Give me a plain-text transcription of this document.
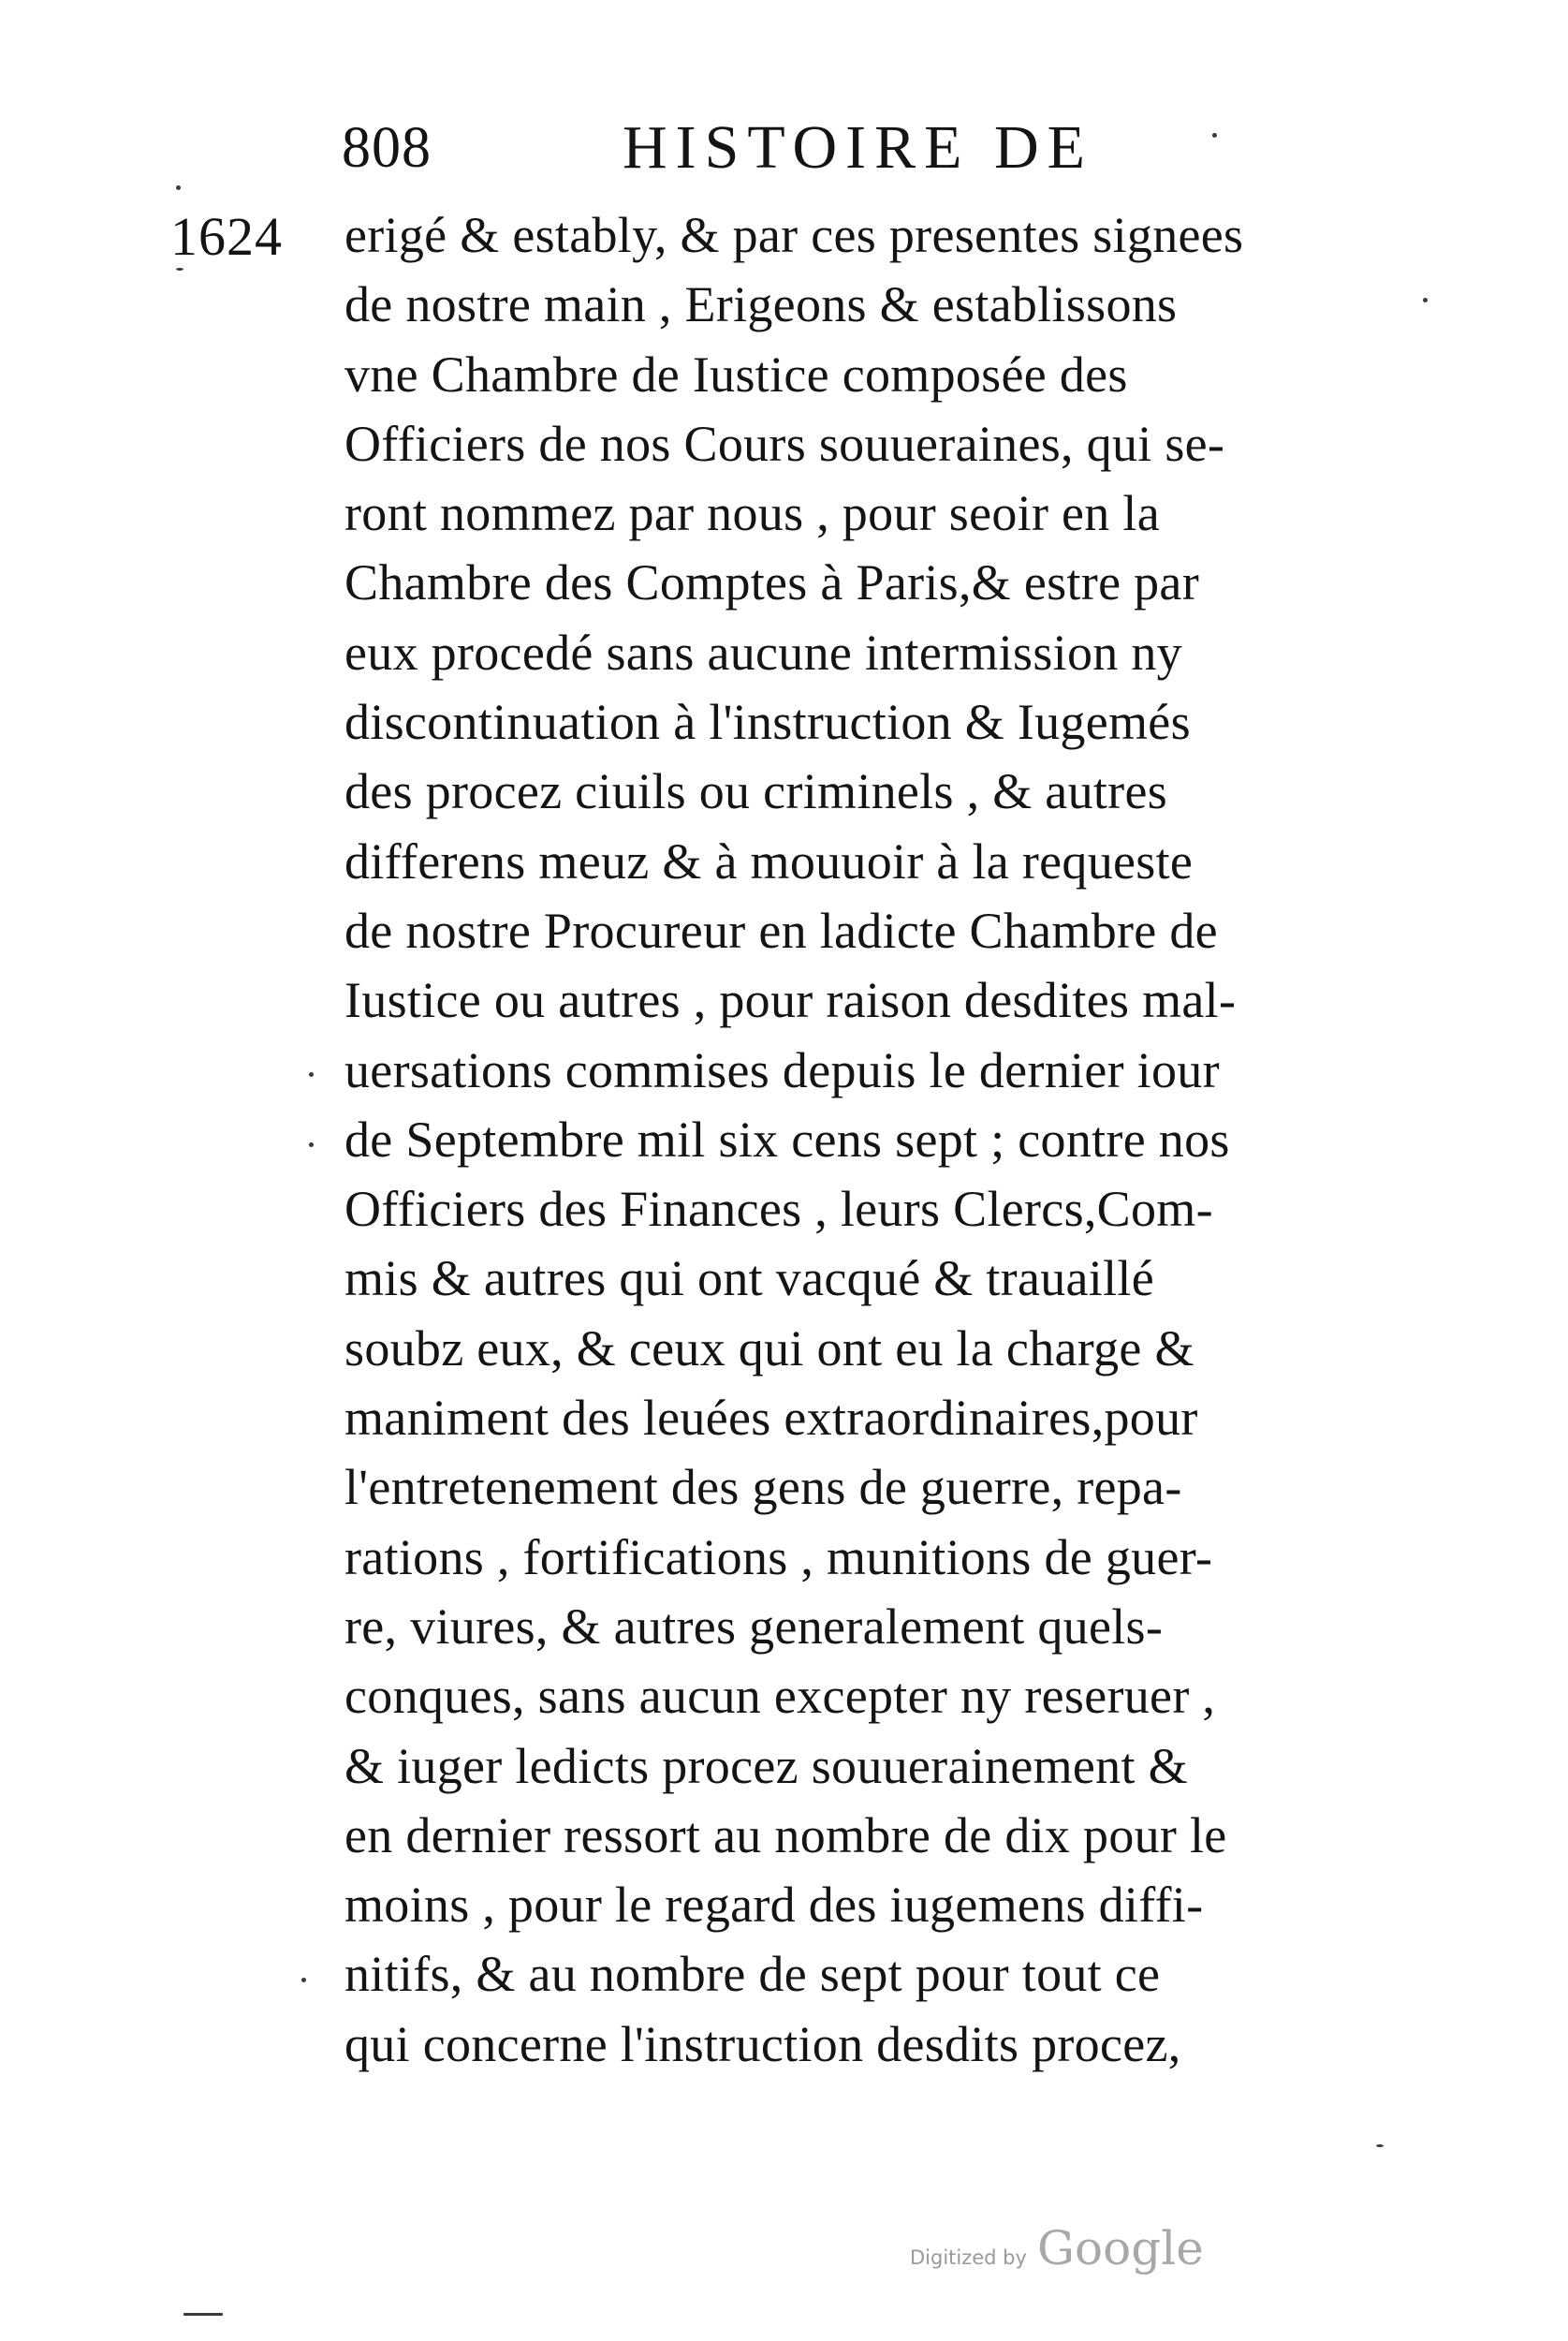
808	HISTOIRE DE
1624 erigé & estably, & par ces presentes signees
de nostre main , Erigeons & establissons
vne Chambre de Iustice composée des
Officiers de nos Cours souueraines, qui se-
ront nommez par nous , pour seoir en la
Chambre des Comptes à Paris,& estre par
eux procedé sans aucune intermission ny
discontinuation à l'instruction & Iugemés
des procez ciuils ou criminels , & autres
differens meuz & à mouuoir à la requeste
de nostre Procureur en ladicte Chambre de
Iustice ou autres , pour raison desdites mal-
uersations commises depuis le dernier iour
de Septembre mil six cens sept ; contre nos
Officiers des Finances , leurs Clercs,Com-
mis & autres qui ont vacqué & trauaillé
soubz eux, & ceux qui ont eu la charge &
maniment des leuées extraordinaires,pour
l'entretenement des gens de guerre, repa-
rations , fortifications , munitions de guer-
re, viures, & autres generalement quels-
conques, sans aucun excepter ny reseruer ,
& iuger ledicts procez souuerainement &
en dernier ressort au nombre de dix pour le
moins , pour le regard des iugemens diffi-
nitifs, & au nombre de sept pour tout ce
qui concerne l'instruction desdits procez,
Digitized by Google
